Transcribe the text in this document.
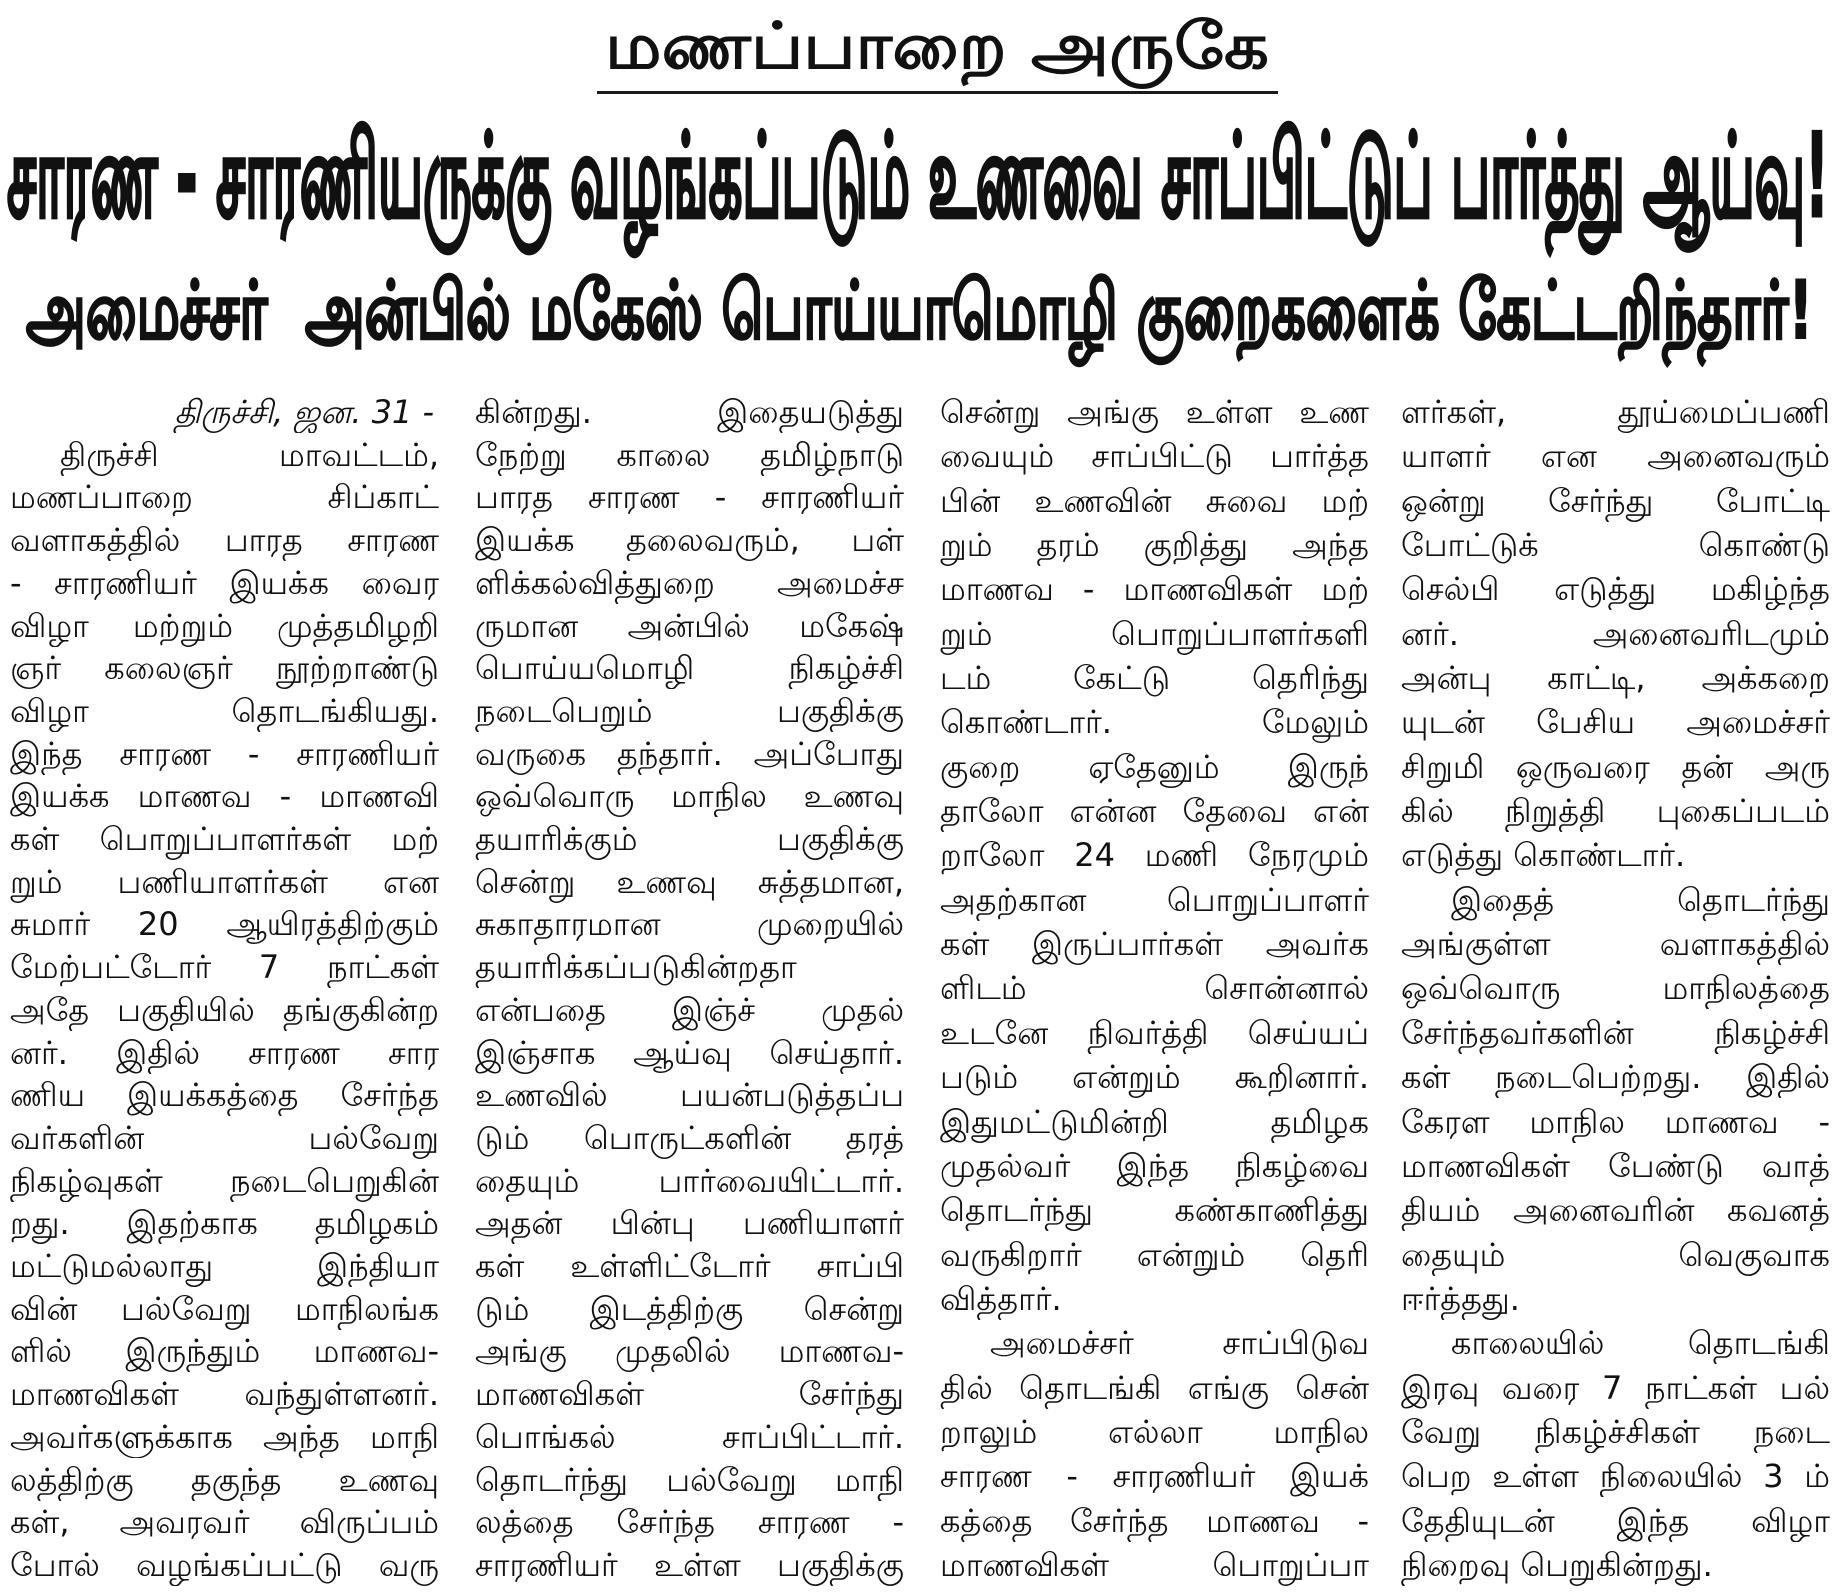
மணப்பாறை அருகே
சாரண - சாரணியருக்கு வழங்கப்படும் உணவை சாப்பிட்டுப் பார்த்து ஆய்வு!
அமைச்சர்  அன்பில் மகேஸ் பொய்யாமொழி குறைகளைக் கேட்டறிந்தார்!
திருச்சி, ஜன. 31 -
திருச்சி மாவட்டம்,
மணப்பாறை சிப்காட்
வளாகத்தில் பாரத சாரண
- சாரணியர் இயக்க வைர
விழா மற்றும் முத்தமிழறி
ஞர் கலைஞர் நூற்றாண்டு
விழா தொடங்கியது.
இந்த சாரண - சாரணியர்
இயக்க மாணவ - மாணவி
கள் பொறுப்பாளர்கள் மற்
றும் பணியாளர்கள் என
சுமார் 20 ஆயிரத்திற்கும்
மேற்பட்டோர் 7 நாட்கள்
அதே பகுதியில் தங்குகின்ற
னர். இதில் சாரண சார
ணிய இயக்கத்தை சேர்ந்த
வர்களின் பல்வேறு
நிகழ்வுகள் நடைபெறுகின்
றது. இதற்காக தமிழகம்
மட்டுமல்லாது இந்தியா
வின் பல்வேறு மாநிலங்க
ளில் இருந்தும் மாணவ-
மாணவிகள் வந்துள்ளனர்.
அவர்களுக்காக அந்த மாநி
லத்திற்கு தகுந்த உணவு
கள், அவரவர் விருப்பம்
போல் வழங்கப்பட்டு வரு
கின்றது. இதையடுத்து
நேற்று காலை தமிழ்நாடு
பாரத சாரண - சாரணியர்
இயக்க தலைவரும், பள்
ளிக்கல்வித்துறை அமைச்ச
ருமான அன்பில் மகேஷ்
பொய்யமொழி நிகழ்ச்சி
நடைபெறும் பகுதிக்கு
வருகை தந்தார். அப்போது
ஒவ்வொரு மாநில உணவு
தயாரிக்கும் பகுதிக்கு
சென்று உணவு சுத்தமான,
சுகாதாரமான முறையில்
தயாரிக்கப்படுகின்றதா
என்பதை இஞ்ச் முதல்
இஞ்சாக ஆய்வு செய்தார்.
உணவில் பயன்படுத்தப்ப
டும் பொருட்களின் தரத்
தையும் பார்வையிட்டார்.
அதன் பின்பு பணியாளர்
கள் உள்ளிட்டோர் சாப்பி
டும் இடத்திற்கு சென்று
அங்கு முதலில் மாணவ-
மாணவிகள் சேர்ந்து
பொங்கல் சாப்பிட்டார்.
தொடர்ந்து பல்வேறு மாநி
லத்தை சேர்ந்த சாரண -
சாரணியர் உள்ள பகுதிக்கு
சென்று அங்கு உள்ள உண
வையும் சாப்பிட்டு பார்த்த
பின் உணவின் சுவை மற்
றும் தரம் குறித்து அந்த
மாணவ - மாணவிகள் மற்
றும் பொறுப்பாளர்களி
டம் கேட்டு தெரிந்து
கொண்டார். மேலும்
குறை ஏதேனும் இருந்
தாலோ என்ன தேவை என்
றாலோ 24 மணி நேரமும்
அதற்கான பொறுப்பாளர்
கள் இருப்பார்கள் அவர்க
ளிடம் சொன்னால்
உடனே நிவர்த்தி செய்யப்
படும் என்றும் கூறினார்.
இதுமட்டுமின்றி தமிழக
முதல்வர் இந்த நிகழ்வை
தொடர்ந்து கண்காணித்து
வருகிறார் என்றும் தெரி
வித்தார்.
அமைச்சர் சாப்பிடுவ
தில் தொடங்கி எங்கு சென்
றாலும் எல்லா மாநில
சாரண - சாரணியர் இயக்
கத்தை சேர்ந்த மாணவ -
மாணவிகள் பொறுப்பா
ளர்கள், தூய்மைப்பணி
யாளர் என அனைவரும்
ஒன்று சேர்ந்து போட்டி
போட்டுக் கொண்டு
செல்பி எடுத்து மகிழ்ந்த
னர். அனைவரிடமும்
அன்பு காட்டி, அக்கறை
யுடன் பேசிய அமைச்சர்
சிறுமி ஒருவரை தன் அரு
கில் நிறுத்தி புகைப்படம்
எடுத்து கொண்டார்.
இதைத் தொடர்ந்து
அங்குள்ள வளாகத்தில்
ஒவ்வொரு மாநிலத்தை
சேர்ந்தவர்களின் நிகழ்ச்சி
கள் நடைபெற்றது. இதில்
கேரள மாநில மாணவ -
மாணவிகள் பேண்டு வாத்
தியம் அனைவரின் கவனத்
தையும் வெகுவாக
ஈர்த்தது.
காலையில் தொடங்கி
இரவு வரை 7 நாட்கள் பல்
வேறு நிகழ்ச்சிகள் நடை
பெற உள்ள நிலையில் 3 ம்
தேதியுடன் இந்த விழா
நிறைவு பெறுகின்றது.
